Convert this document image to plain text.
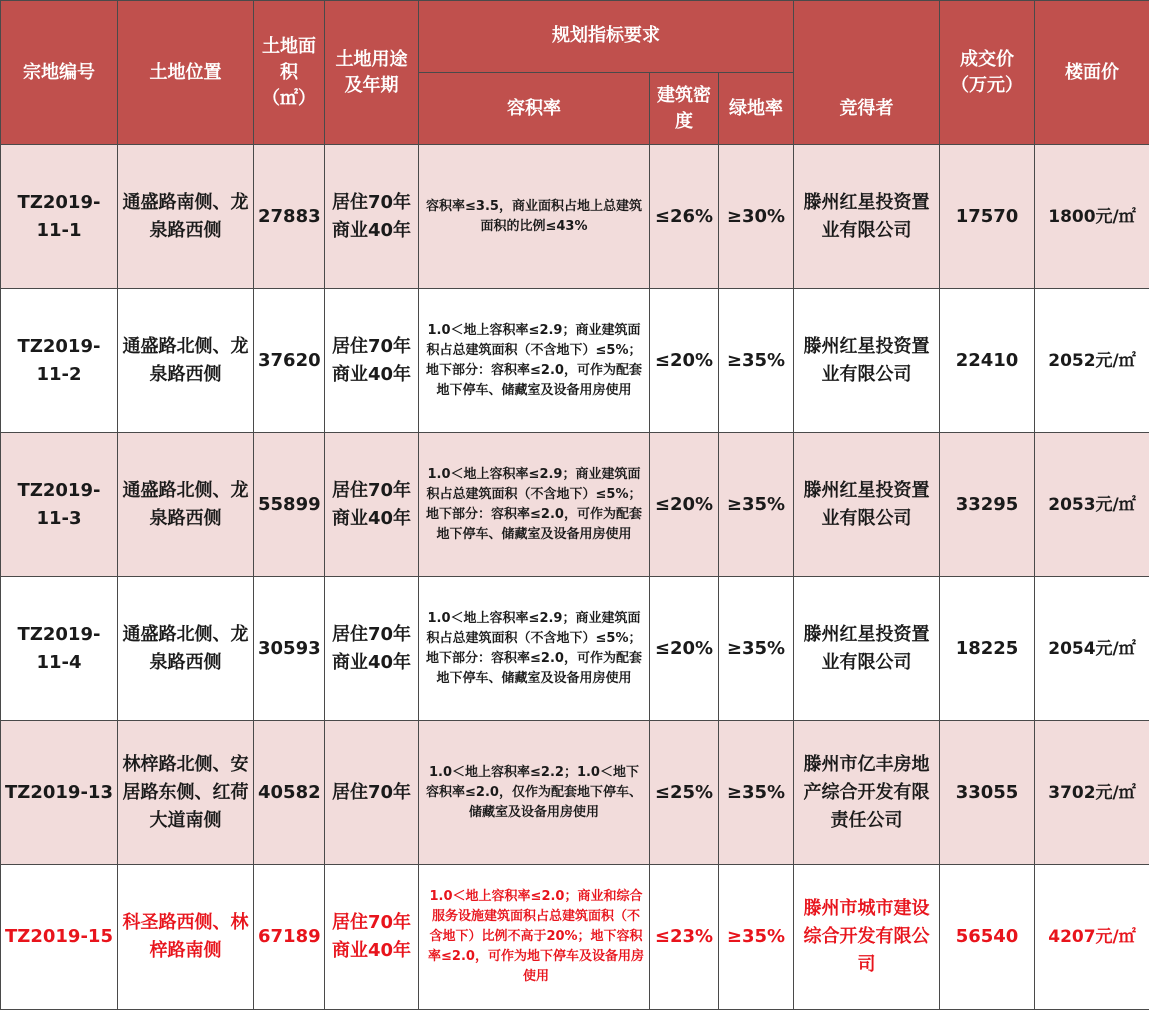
宗地编号	土地位置	土地面积（㎡）	土地用途及年期	规划指标要求			竞得者	成交价（万元）	楼面价
				容积率	建筑密度	绿地率			
TZ2019-11-1	通盛路南侧、龙泉路西侧	27883	居住70年商业40年	容积率≤3.5，商业面积占地上总建筑面积的比例≤43%	≤26%	≥30%	滕州红星投资置业有限公司	17570	1800元/㎡
TZ2019-11-2	通盛路北侧、龙泉路西侧	37620	居住70年商业40年	1.0＜地上容积率≤2.9；商业建筑面积占总建筑面积（不含地下）≤5%；地下部分：容积率≤2.0，可作为配套地下停车、储藏室及设备用房使用	≤20%	≥35%	滕州红星投资置业有限公司	22410	2052元/㎡
TZ2019-11-3	通盛路北侧、龙泉路西侧	55899	居住70年商业40年	1.0＜地上容积率≤2.9；商业建筑面积占总建筑面积（不含地下）≤5%；地下部分：容积率≤2.0，可作为配套地下停车、储藏室及设备用房使用	≤20%	≥35%	滕州红星投资置业有限公司	33295	2053元/㎡
TZ2019-11-4	通盛路北侧、龙泉路西侧	30593	居住70年商业40年	1.0＜地上容积率≤2.9；商业建筑面积占总建筑面积（不含地下）≤5%；地下部分：容积率≤2.0，可作为配套地下停车、储藏室及设备用房使用	≤20%	≥35%	滕州红星投资置业有限公司	18225	2054元/㎡
TZ2019-13	林梓路北侧、安居路东侧、红荷大道南侧	40582	居住70年	1.0＜地上容积率≤2.2；1.0＜地下容积率≤2.0，仅作为配套地下停车、储藏室及设备用房使用	≤25%	≥35%	滕州市亿丰房地产综合开发有限责任公司	33055	3702元/㎡
TZ2019-15	科圣路西侧、林梓路南侧	67189	居住70年商业40年	1.0＜地上容积率≤2.0；商业和综合服务设施建筑面积占总建筑面积（不含地下）比例不高于20%；地下容积率≤2.0，可作为地下停车及设备用房使用	≤23%	≥35%	滕州市城市建设综合开发有限公司	56540	4207元/㎡
